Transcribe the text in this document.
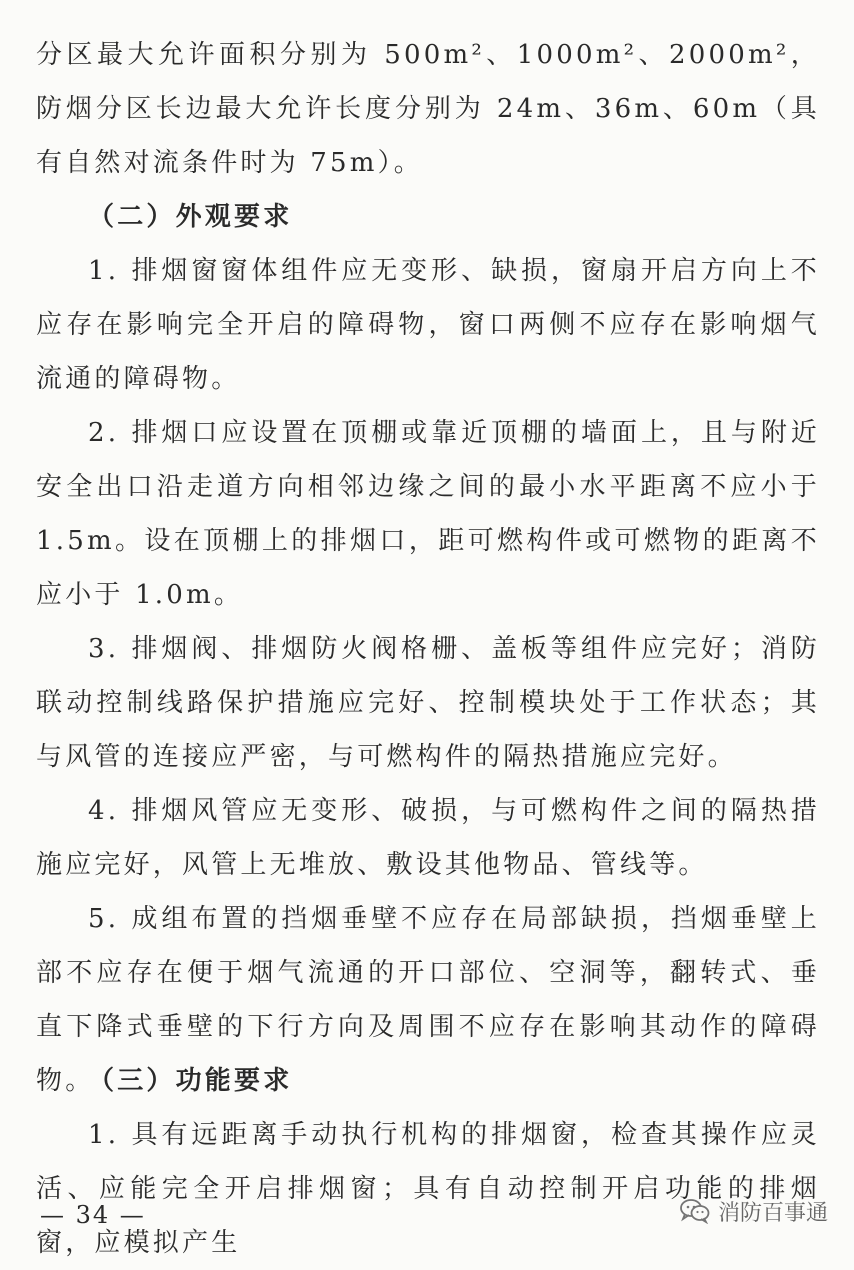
分区最大允许面积分别为 500m²、1000m²、2000m²，防烟分区长边最大允许长度分别为 24m、36m、60m（具有自然对流条件时为 75m）。

（二）外观要求

1. 排烟窗窗体组件应无变形、缺损，窗扇开启方向上不应存在影响完全开启的障碍物，窗口两侧不应存在影响烟气流通的障碍物。

2. 排烟口应设置在顶棚或靠近顶棚的墙面上，且与附近安全出口沿走道方向相邻边缘之间的最小水平距离不应小于 1.5m。设在顶棚上的排烟口，距可燃构件或可燃物的距离不应小于 1.0m。

3. 排烟阀、排烟防火阀格栅、盖板等组件应完好；消防联动控制线路保护措施应完好、控制模块处于工作状态；其与风管的连接应严密，与可燃构件的隔热措施应完好。

4. 排烟风管应无变形、破损，与可燃构件之间的隔热措施应完好，风管上无堆放、敷设其他物品、管线等。

5. 成组布置的挡烟垂壁不应存在局部缺损，挡烟垂壁上部不应存在便于烟气流通的开口部位、空洞等，翻转式、垂直下降式垂壁的下行方向及周围不应存在影响其动作的障碍物。

（三）功能要求

1. 具有远距离手动执行机构的排烟窗，检查其操作应灵活、应能完全开启排烟窗；具有自动控制开启功能的排烟窗，应模拟产生

— 34 —	消防百事通
